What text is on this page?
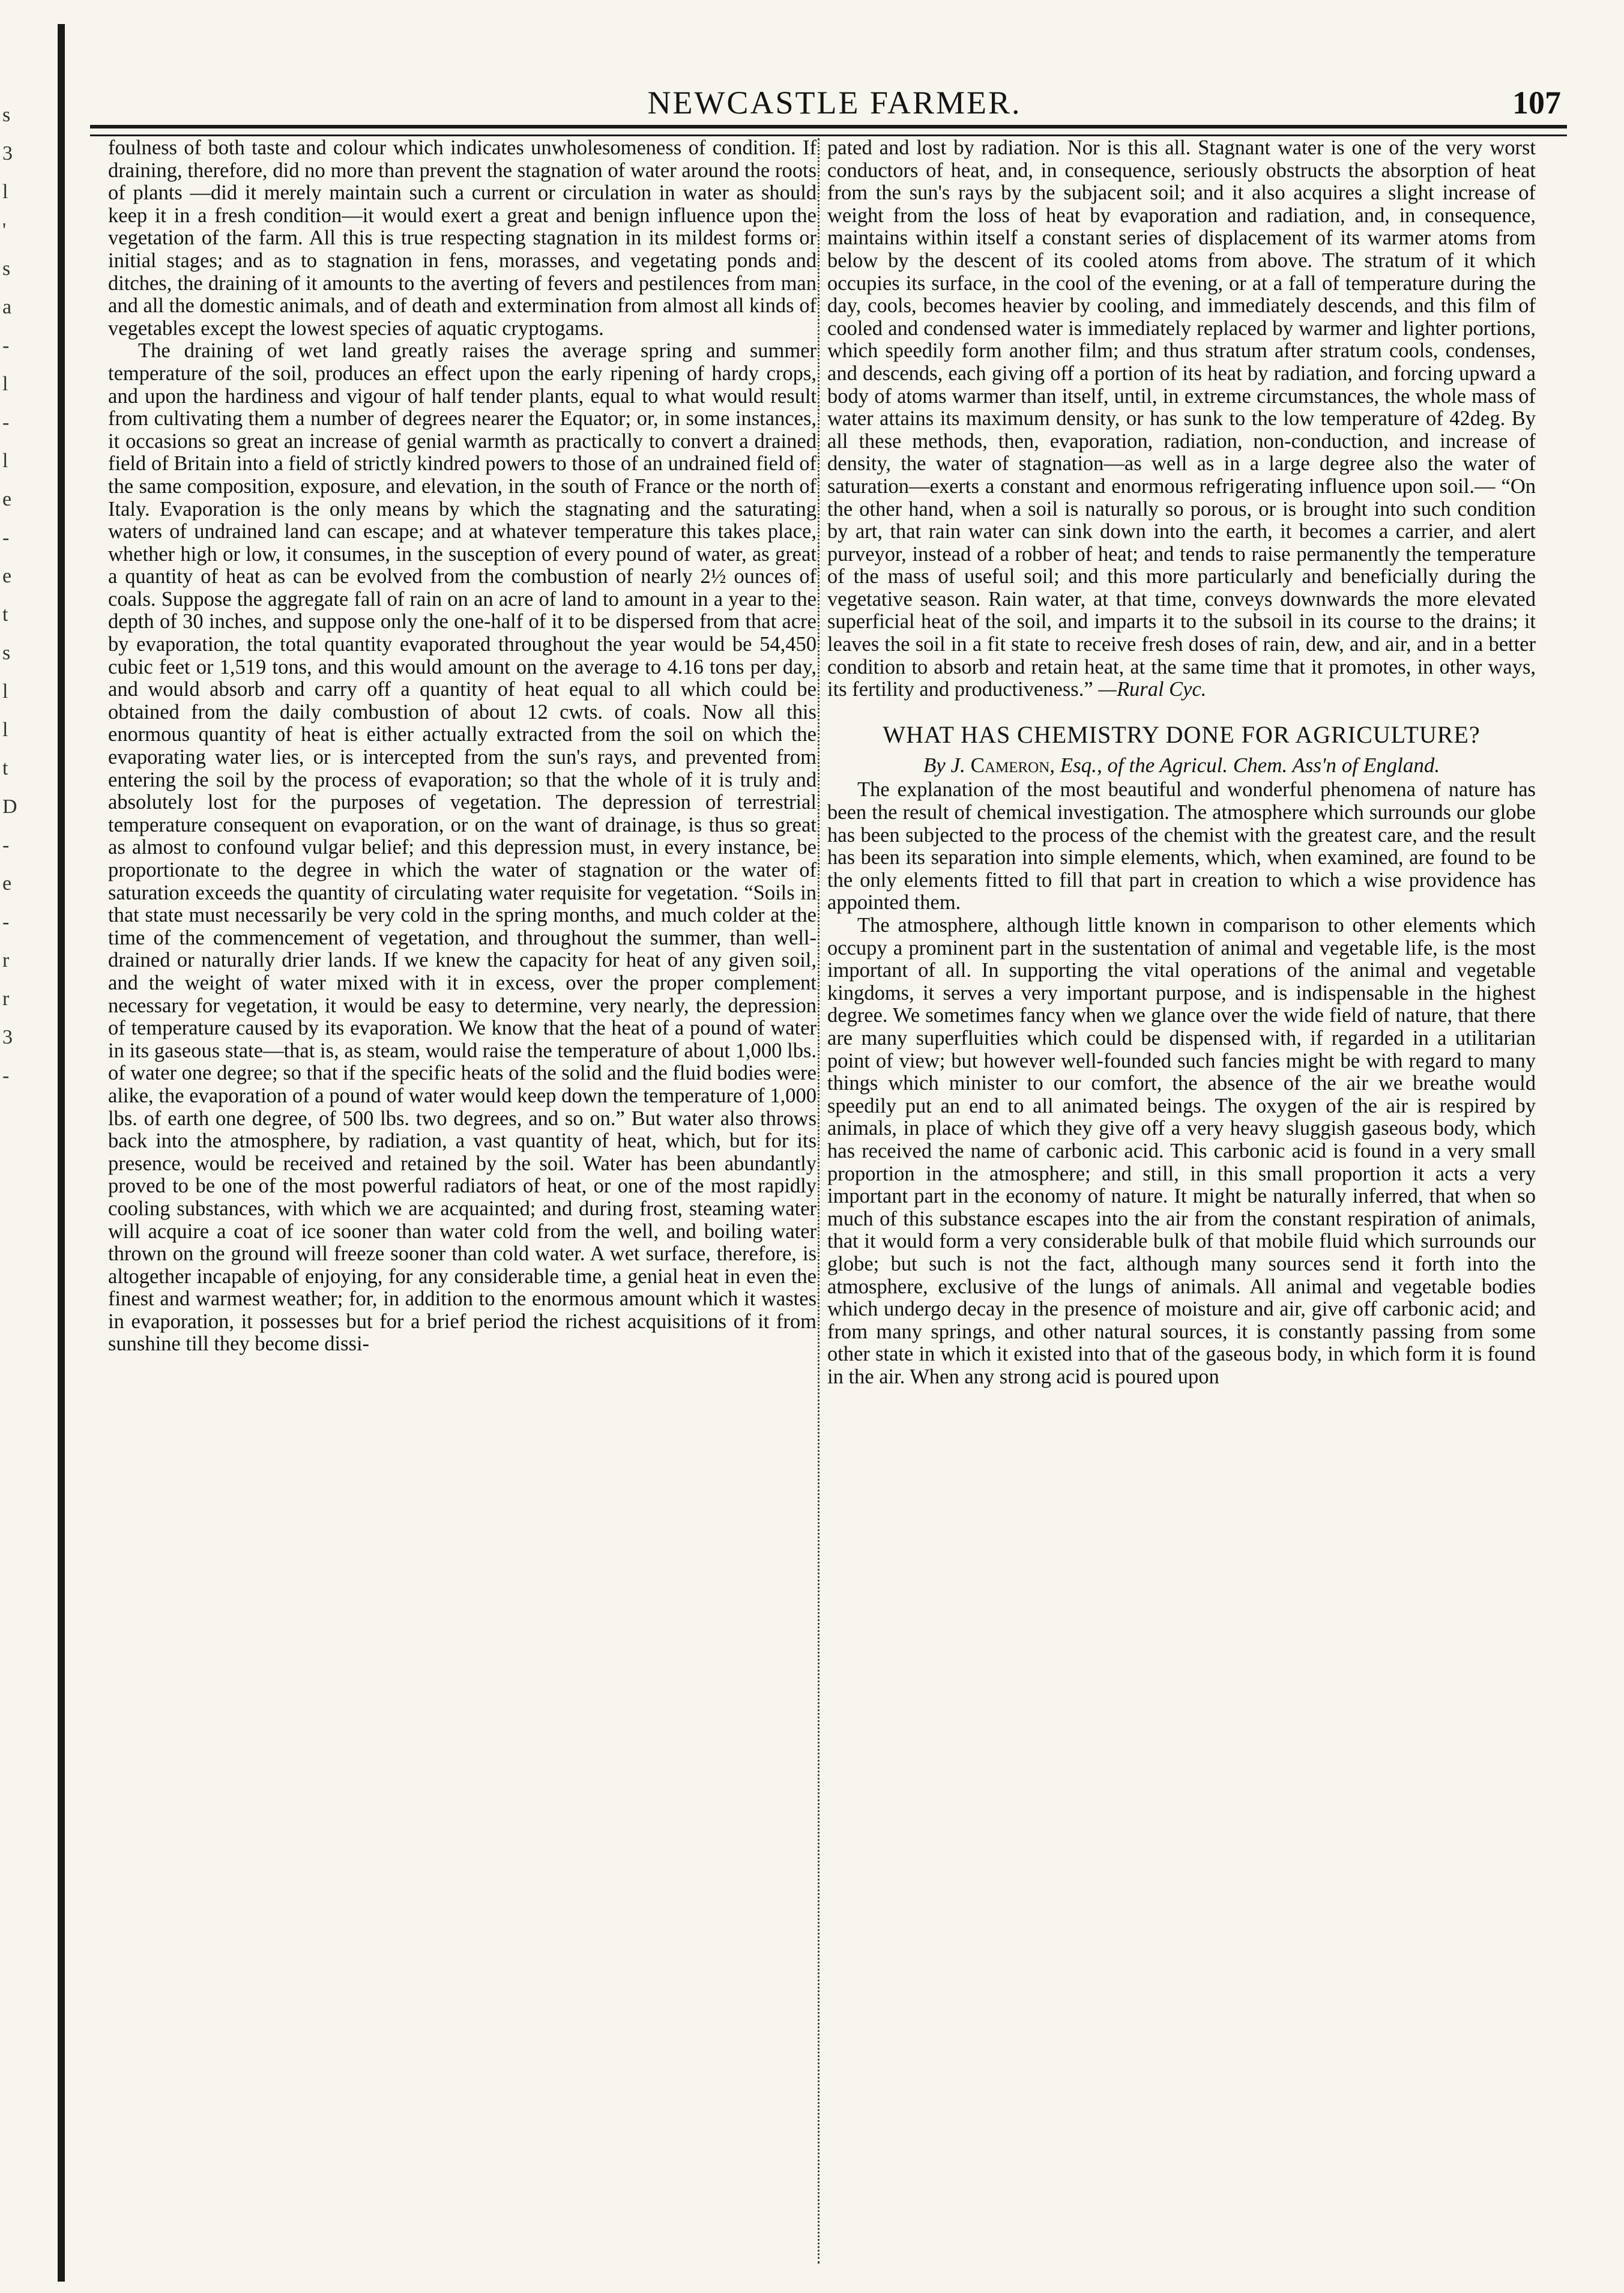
s
3
l
'
s
a
-
l
-
l
e
-
e
t
s
l
l
t
D
-
e
-
r
r
3
-
NEWCASTLE FARMER.	107

foulness of both taste and colour which indicates unwholesomeness of condition. If draining, therefore, did no more than prevent the stagnation of water around the roots of plants —did it merely maintain such a current or circulation in water as should keep it in a fresh condition—it would exert a great and benign influence upon the vegetation of the farm. All this is true respecting stagnation in its mildest forms or initial stages; and as to stagnation in fens, morasses, and vegetating ponds and ditches, the draining of it amounts to the averting of fevers and pestilences from man and all the domestic animals, and of death and extermination from almost all kinds of vegetables except the lowest species of aquatic cryptogams.

The draining of wet land greatly raises the average spring and summer temperature of the soil, produces an effect upon the early ripening of hardy crops, and upon the hardiness and vigour of half tender plants, equal to what would result from cultivating them a number of degrees nearer the Equator; or, in some instances, it occasions so great an increase of genial warmth as practically to convert a drained field of Britain into a field of strictly kindred powers to those of an undrained field of the same composition, exposure, and elevation, in the south of France or the north of Italy. Evaporation is the only means by which the stagnating and the saturating waters of undrained land can escape; and at whatever temperature this takes place, whether high or low, it consumes, in the susception of every pound of water, as great a quantity of heat as can be evolved from the combustion of nearly 2½ ounces of coals. Suppose the aggregate fall of rain on an acre of land to amount in a year to the depth of 30 inches, and suppose only the one-half of it to be dispersed from that acre by evaporation, the total quantity evaporated throughout the year would be 54,450 cubic feet or 1,519 tons, and this would amount on the average to 4.16 tons per day, and would absorb and carry off a quantity of heat equal to all which could be obtained from the daily combustion of about 12 cwts. of coals. Now all this enormous quantity of heat is either actually extracted from the soil on which the evaporating water lies, or is intercepted from the sun's rays, and prevented from entering the soil by the process of evaporation; so that the whole of it is truly and absolutely lost for the purposes of vegetation. The depression of terrestrial temperature consequent on evaporation, or on the want of drainage, is thus so great as almost to confound vulgar belief; and this depression must, in every instance, be proportionate to the degree in which the water of stagnation or the water of saturation exceeds the quantity of circulating water requisite for vegetation. “Soils in that state must necessarily be very cold in the spring months, and much colder at the time of the commencement of vegetation, and throughout the summer, than well-drained or naturally drier lands. If we knew the capacity for heat of any given soil, and the weight of water mixed with it in excess, over the proper complement necessary for vegetation, it would be easy to determine, very nearly, the depression of temperature caused by its evaporation. We know that the heat of a pound of water in its gaseous state—that is, as steam, would raise the temperature of about 1,000 lbs. of water one degree; so that if the specific heats of the solid and the fluid bodies were alike, the evaporation of a pound of water would keep down the temperature of 1,000 lbs. of earth one degree, of 500 lbs. two degrees, and so on.” But water also throws back into the atmosphere, by radiation, a vast quantity of heat, which, but for its presence, would be received and retained by the soil. Water has been abundantly proved to be one of the most powerful radiators of heat, or one of the most rapidly cooling substances, with which we are acquainted; and during frost, steaming water will acquire a coat of ice sooner than water cold from the well, and boiling water thrown on the ground will freeze sooner than cold water. A wet surface, therefore, is altogether incapable of enjoying, for any considerable time, a genial heat in even the finest and warmest weather; for, in addition to the enormous amount which it wastes in evaporation, it possesses but for a brief period the richest acquisitions of it from sunshine till they become dissi-

pated and lost by radiation. Nor is this all. Stagnant water is one of the very worst conductors of heat, and, in consequence, seriously obstructs the absorption of heat from the sun's rays by the subjacent soil; and it also acquires a slight increase of weight from the loss of heat by evaporation and radiation, and, in consequence, maintains within itself a constant series of displacement of its warmer atoms from below by the descent of its cooled atoms from above. The stratum of it which occupies its surface, in the cool of the evening, or at a fall of temperature during the day, cools, becomes heavier by cooling, and immediately descends, and this film of cooled and condensed water is immediately replaced by warmer and lighter portions, which speedily form another film; and thus stratum after stratum cools, condenses, and descends, each giving off a portion of its heat by radiation, and forcing upward a body of atoms warmer than itself, until, in extreme circumstances, the whole mass of water attains its maximum density, or has sunk to the low temperature of 42deg. By all these methods, then, evaporation, radiation, non-conduction, and increase of density, the water of stagnation—as well as in a large degree also the water of saturation—exerts a constant and enormous refrigerating influence upon soil.— “On the other hand, when a soil is naturally so porous, or is brought into such condition by art, that rain water can sink down into the earth, it becomes a carrier, and alert purveyor, instead of a robber of heat; and tends to raise permanently the temperature of the mass of useful soil; and this more particularly and beneficially during the vegetative season. Rain water, at that time, conveys downwards the more elevated superficial heat of the soil, and imparts it to the subsoil in its course to the drains; it leaves the soil in a fit state to receive fresh doses of rain, dew, and air, and in a better condition to absorb and retain heat, at the same time that it promotes, in other ways, its fertility and productiveness.” —Rural Cyc.

WHAT HAS CHEMISTRY DONE FOR AGRICULTURE?
By J. Cameron, Esq., of the Agricul. Chem. Ass'n of England.

The explanation of the most beautiful and wonderful phenomena of nature has been the result of chemical investigation. The atmosphere which surrounds our globe has been subjected to the process of the chemist with the greatest care, and the result has been its separation into simple elements, which, when examined, are found to be the only elements fitted to fill that part in creation to which a wise providence has appointed them.

The atmosphere, although little known in comparison to other elements which occupy a prominent part in the sustentation of animal and vegetable life, is the most important of all. In supporting the vital operations of the animal and vegetable kingdoms, it serves a very important purpose, and is indispensable in the highest degree. We sometimes fancy when we glance over the wide field of nature, that there are many superfluities which could be dispensed with, if regarded in a utilitarian point of view; but however well-founded such fancies might be with regard to many things which minister to our comfort, the absence of the air we breathe would speedily put an end to all animated beings. The oxygen of the air is respired by animals, in place of which they give off a very heavy sluggish gaseous body, which has received the name of carbonic acid. This carbonic acid is found in a very small proportion in the atmosphere; and still, in this small proportion it acts a very important part in the economy of nature. It might be naturally inferred, that when so much of this substance escapes into the air from the constant respiration of animals, that it would form a very considerable bulk of that mobile fluid which surrounds our globe; but such is not the fact, although many sources send it forth into the atmosphere, exclusive of the lungs of animals. All animal and vegetable bodies which undergo decay in the presence of moisture and air, give off carbonic acid; and from many springs, and other natural sources, it is constantly passing from some other state in which it existed into that of the gaseous body, in which form it is found in the air. When any strong acid is poured upon
